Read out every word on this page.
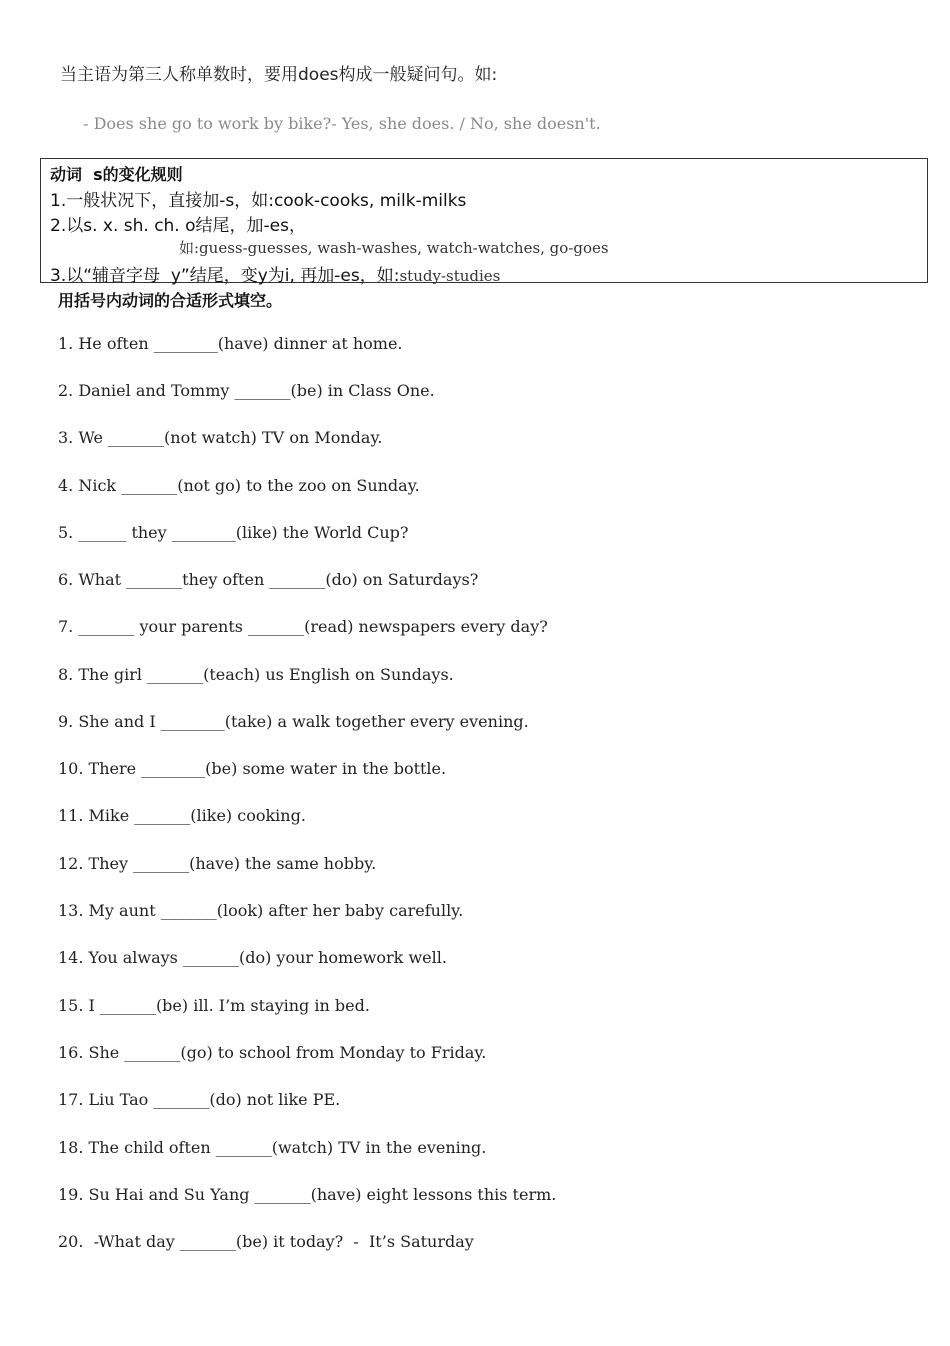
当主语为第三人称单数时，要用does构成一般疑问句。如:
- Does she go to work by bike?- Yes, she does. / No, she doesn't.
动词  s的变化规则
1.一般状况下，直接加-s，如:cook-cooks, milk-milks
2.以s. x. sh. ch. o结尾，加-es，
如:guess-guesses, wash-washes, watch-watches, go-goes
3.以“辅音字母  y”结尾，变y为i, 再加-es，如:study-studies
用括号内动词的合适形式填空。
1. He often ________(have) dinner at home.
2. Daniel and Tommy _______(be) in Class One.
3. We _______(not watch) TV on Monday.
4. Nick _______(not go) to the zoo on Sunday.
5. ______ they ________(like) the World Cup?
6. What _______they often _______(do) on Saturdays?
7. _______ your parents _______(read) newspapers every day?
8. The girl _______(teach) us English on Sundays.
9. She and I ________(take) a walk together every evening.
10. There ________(be) some water in the bottle.
11. Mike _______(like) cooking.
12. They _______(have) the same hobby.
13. My aunt _______(look) after her baby carefully.
14. You always _______(do) your homework well.
15. I _______(be) ill. I’m staying in bed.
16. She _______(go) to school from Monday to Friday.
17. Liu Tao _______(do) not like PE.
18. The child often _______(watch) TV in the evening.
19. Su Hai and Su Yang _______(have) eight lessons this term.
20.  -What day _______(be) it today?  -  It’s Saturday
